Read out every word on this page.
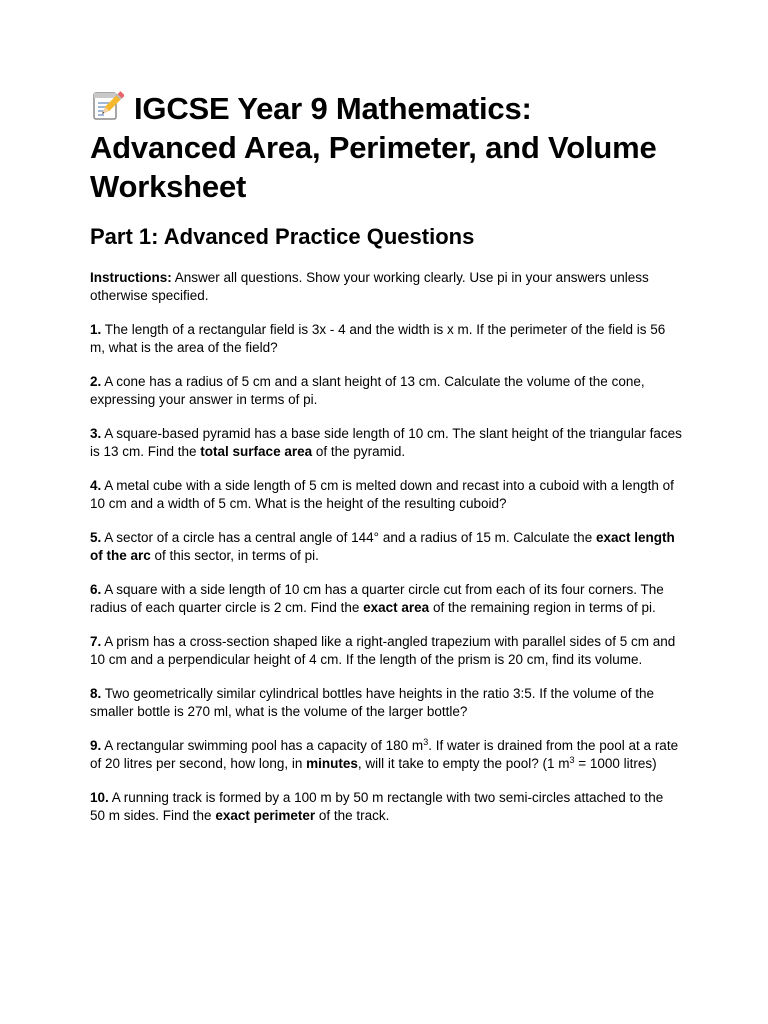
IGCSE Year 9 Mathematics:
Advanced Area, Perimeter, and Volume
Worksheet
Part 1: Advanced Practice Questions

Instructions: Answer all questions. Show your working clearly. Use pi in your answers unless otherwise specified.

1. The length of a rectangular field is 3x - 4 and the width is x m. If the perimeter of the field is 56 m, what is the area of the field?
2. A cone has a radius of 5 cm and a slant height of 13 cm. Calculate the volume of the cone, expressing your answer in terms of pi.
3. A square-based pyramid has a base side length of 10 cm. The slant height of the triangular faces is 13 cm. Find the total surface area of the pyramid.
4. A metal cube with a side length of 5 cm is melted down and recast into a cuboid with a length of 10 cm and a width of 5 cm. What is the height of the resulting cuboid?
5. A sector of a circle has a central angle of 144° and a radius of 15 m. Calculate the exact length of the arc of this sector, in terms of pi.
6. A square with a side length of 10 cm has a quarter circle cut from each of its four corners. The radius of each quarter circle is 2 cm. Find the exact area of the remaining region in terms of pi.
7. A prism has a cross-section shaped like a right-angled trapezium with parallel sides of 5 cm and 10 cm and a perpendicular height of 4 cm. If the length of the prism is 20 cm, find its volume.
8. Two geometrically similar cylindrical bottles have heights in the ratio 3:5. If the volume of the smaller bottle is 270 ml, what is the volume of the larger bottle?
9. A rectangular swimming pool has a capacity of 180 $m^3$. If water is drained from the pool at a rate of 20 litres per second, how long, in minutes, will it take to empty the pool? (1 $m^3 = 1000$ litres)
10. A running track is formed by a 100 m by 50 m rectangle with two semi-circles attached to the 50 m sides. Find the exact perimeter of the track.
